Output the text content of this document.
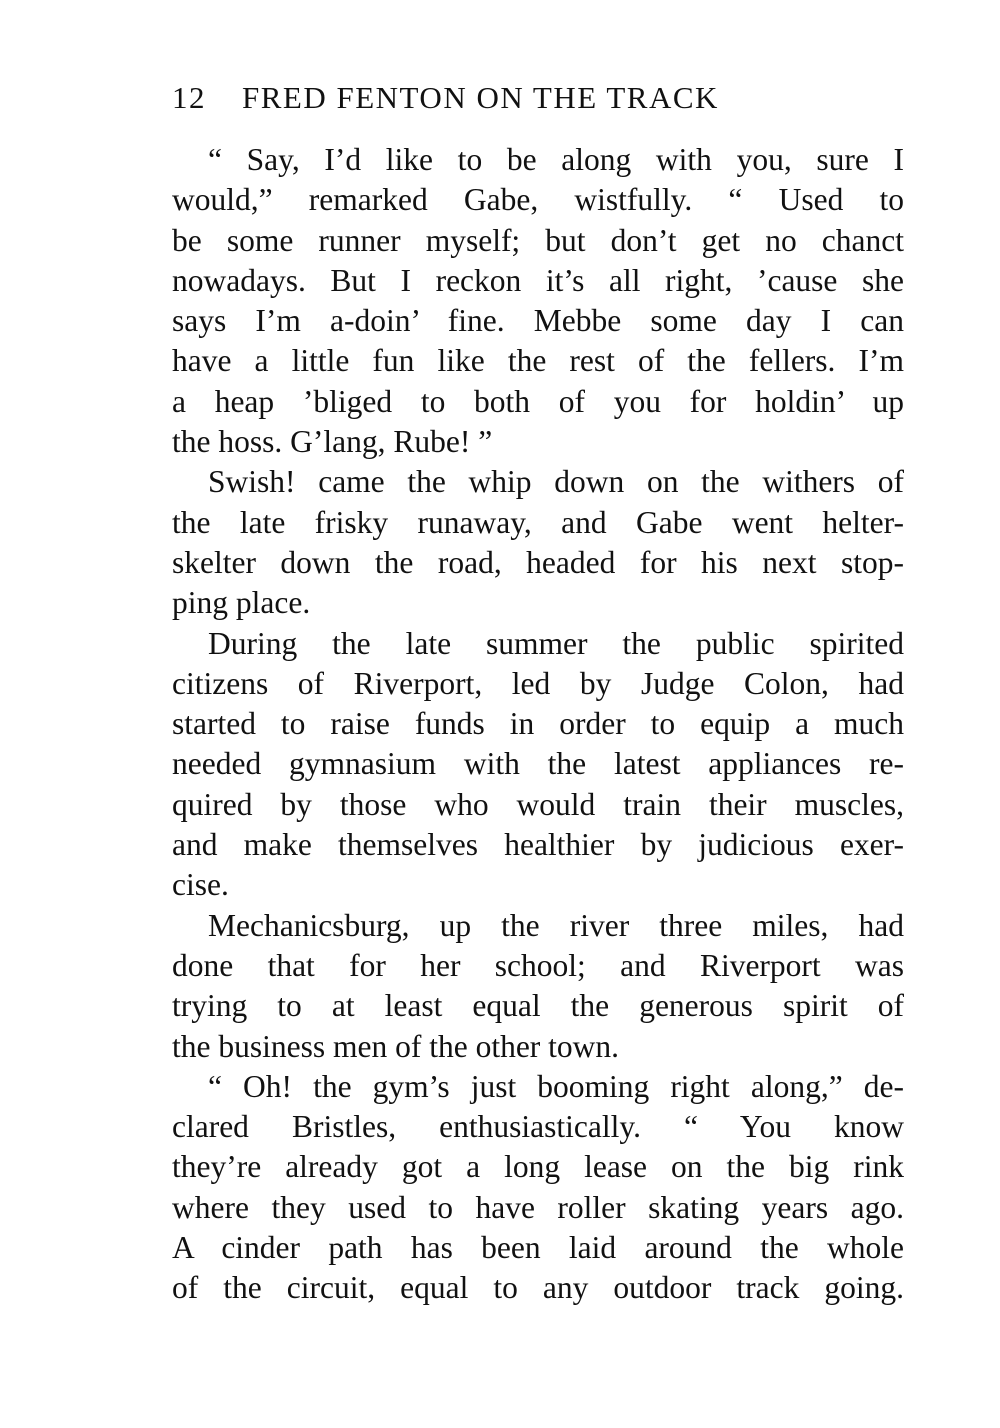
12 FRED FENTON ON THE TRACK
“ Say, I’d like to be along with you, sure I
would,” remarked Gabe, wistfully. “ Used to
be some runner myself; but don’t get no chanct
nowadays. But I reckon it’s all right, ’cause she
says I’m a-doin’ fine. Mebbe some day I can
have a little fun like the rest of the fellers. I’m
a heap ’bliged to both of you for holdin’ up
the hoss. G’lang, Rube! ”
Swish! came the whip down on the withers of
the late frisky runaway, and Gabe went helter-
skelter down the road, headed for his next stop-
ping place.
During the late summer the public spirited
citizens of Riverport, led by Judge Colon, had
started to raise funds in order to equip a much
needed gymnasium with the latest appliances re-
quired by those who would train their muscles,
and make themselves healthier by judicious exer-
cise.
Mechanicsburg, up the river three miles, had
done that for her school; and Riverport was
trying to at least equal the generous spirit of
the business men of the other town.
“ Oh! the gym’s just booming right along,” de-
clared Bristles, enthusiastically. “ You know
they’re already got a long lease on the big rink
where they used to have roller skating years ago.
A cinder path has been laid around the whole
of the circuit, equal to any outdoor track going.
